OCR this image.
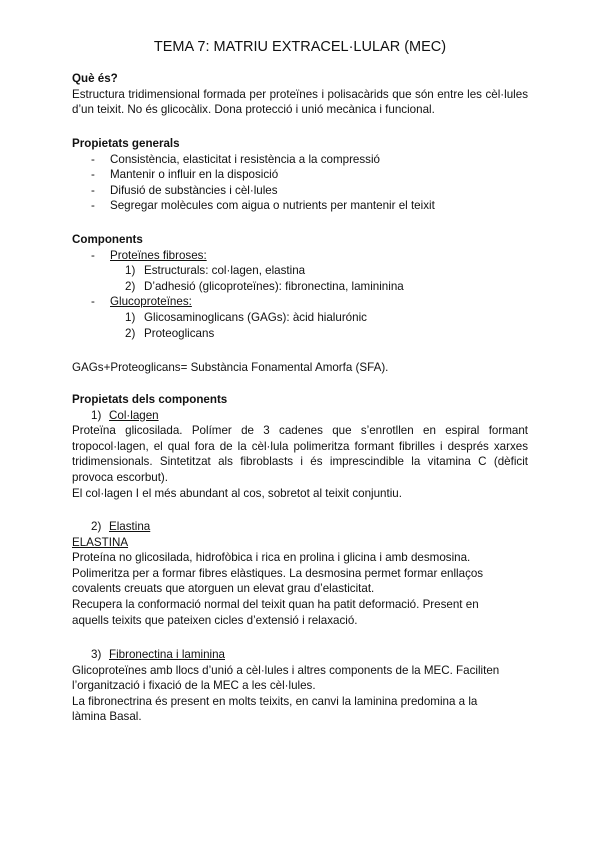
TEMA 7: MATRIU EXTRACEL·LULAR (MEC)

Què és?

Estructura tridimensional formada per proteïnes i polisacàrids que són entre les cèl·lules d’un teixit. No és glicocàlix. Dona protecció i unió mecànica i funcional.

Propietats generals

- Consistència, elasticitat i resistència a la compressió
- Mantenir o influir en la disposició
- Difusió de substàncies i cèl·lules
- Segregar molècules com aigua o nutrients per mantenir el teixit

Components

- Proteïnes fibroses:
1) Estructurals: col·lagen, elastina
2) D’adhesió (glicoproteïnes): fibronectina, lamininina
- Glucoproteïnes:
1) Glicosaminoglicans (GAGs): àcid hialurónic
2) Proteoglicans

GAGs+Proteoglicans= Substància Fonamental Amorfa (SFA).

Propietats dels components

1) Col·lagen

Proteïna glicosilada. Polímer de 3 cadenes que s’enrotllen en espiral formant tropocol·lagen, el qual fora de la cèl·lula polimeritza formant fibrilles i després xarxes tridimensionals. Sintetitzat als fibroblasts i és imprescindible la vitamina C (dèficit provoca escorbut).

El col·lagen I el més abundant al cos, sobretot al teixit conjuntiu.

2) Elastina

ELASTINA

Proteína no glicosilada, hidrofòbica i rica en prolina i glicina i amb desmosina.

Polimeritza per a formar fibres elàstiques. La desmosina permet formar enllaços

covalents creuats que atorguen un elevat grau d’elasticitat.

Recupera la conformació normal del teixit quan ha patit deformació. Present en

aquells teixits que pateixen cicles d’extensió i relaxació.

3) Fibronectina i laminina

Glicoproteïnes amb llocs d’unió a cèl·lules i altres components de la MEC. Faciliten

l’organització i fixació de la MEC a les cèl·lules.

La fibronectrina és present en molts teixits, en canvi la laminina predomina a la

làmina Basal.
